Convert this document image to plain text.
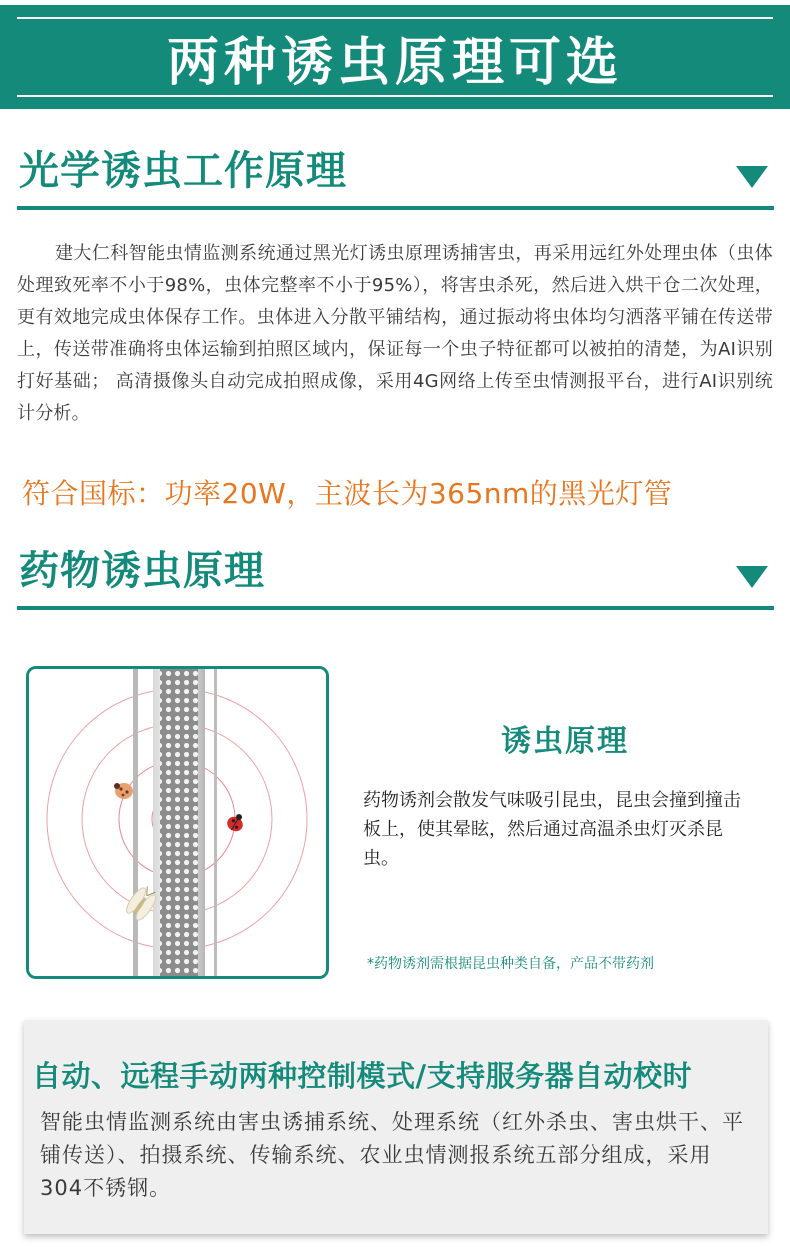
两种诱虫原理可选
光学诱虫工作原理

建大仁科智能虫情监测系统通过黑光灯诱虫原理诱捕害虫，再采用远红外处理虫体（虫体处理致死率不小于98%，虫体完整率不小于95%），将害虫杀死，然后进入烘干仓二次处理，更有效地完成虫体保存工作。虫体进入分散平铺结构，通过振动将虫体均匀洒落平铺在传送带上，传送带准确将虫体运输到拍照区域内，保证每一个虫子特征都可以被拍的清楚，为AI识别打好基础； 高清摄像头自动完成拍照成像，采用4G网络上传至虫情测报平台，进行AI识别统计分析。

符合国标：功率20W，主波长为365nm的黑光灯管
药物诱虫原理
诱虫原理

药物诱剂会散发气味吸引昆虫，昆虫会撞到撞击板上，使其晕眩，然后通过高温杀虫灯灭杀昆虫。

*药物诱剂需根据昆虫种类自备，产品不带药剂
自动、远程手动两种控制模式/支持服务器自动校时

智能虫情监测系统由害虫诱捕系统、处理系统（红外杀虫、害虫烘干、平铺传送）、拍摄系统、传输系统、农业虫情测报系统五部分组成，采用304不锈钢。
